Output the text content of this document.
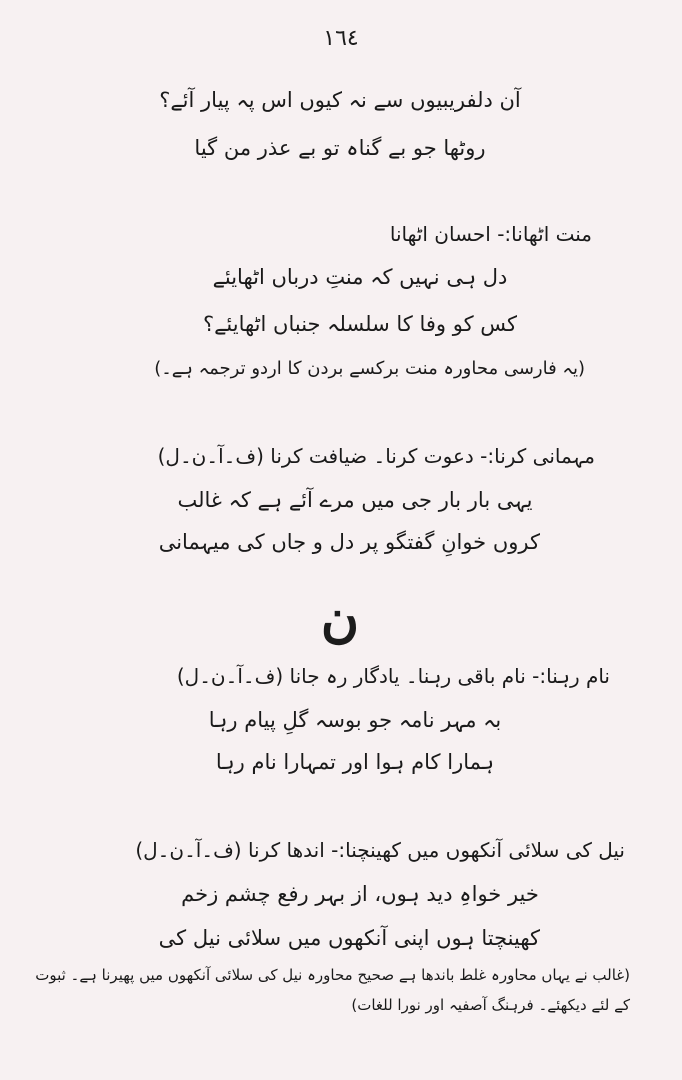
١٦٤
آن دلفریبیوں سے نہ کیوں اس پہ پیار آئے؟
روٹھا جو بے گناہ تو بے عذر من گیا
منت اٹھانا:- احسان اٹھانا
دل ہی نہیں کہ منتِ درباں اٹھایئے
کس کو وفا کا سلسلہ جنباں اٹھایئے؟
(یہ فارسی محاورہ منت برکسے بردن کا اردو ترجمہ ہے۔)
مہمانی کرنا:- دعوت کرنا۔ ضیافت کرنا (ف۔آ۔ن۔ل)
یہی بار بار جی میں مرے آئے ہے کہ غالب
کروں خوانِ گفتگو پر دل و جاں کی میہمانی
ن
نام رہنا:- نام باقی رہنا۔ یادگار رہ جانا (ف۔آ۔ن۔ل)
بہ مہر نامہ جو بوسہ گلِ پیام رہا
ہمارا کام ہوا اور تمہارا نام رہا
نیل کی سلائی آنکھوں میں کھینچنا:- اندھا کرنا (ف۔آ۔ن۔ل)
خیر خواہِ دید ہوں، از بہر رفع چشم زخم
کھینچتا ہوں اپنی آنکھوں میں سلائی نیل کی
(غالب نے یہاں محاورہ غلط باندھا ہے صحیح محاورہ نیل کی سلائی آنکھوں میں پھیرنا ہے۔ ثبوت
کے لئے دیکھئے۔ فرہنگ آصفیہ اور نورا للغات)
